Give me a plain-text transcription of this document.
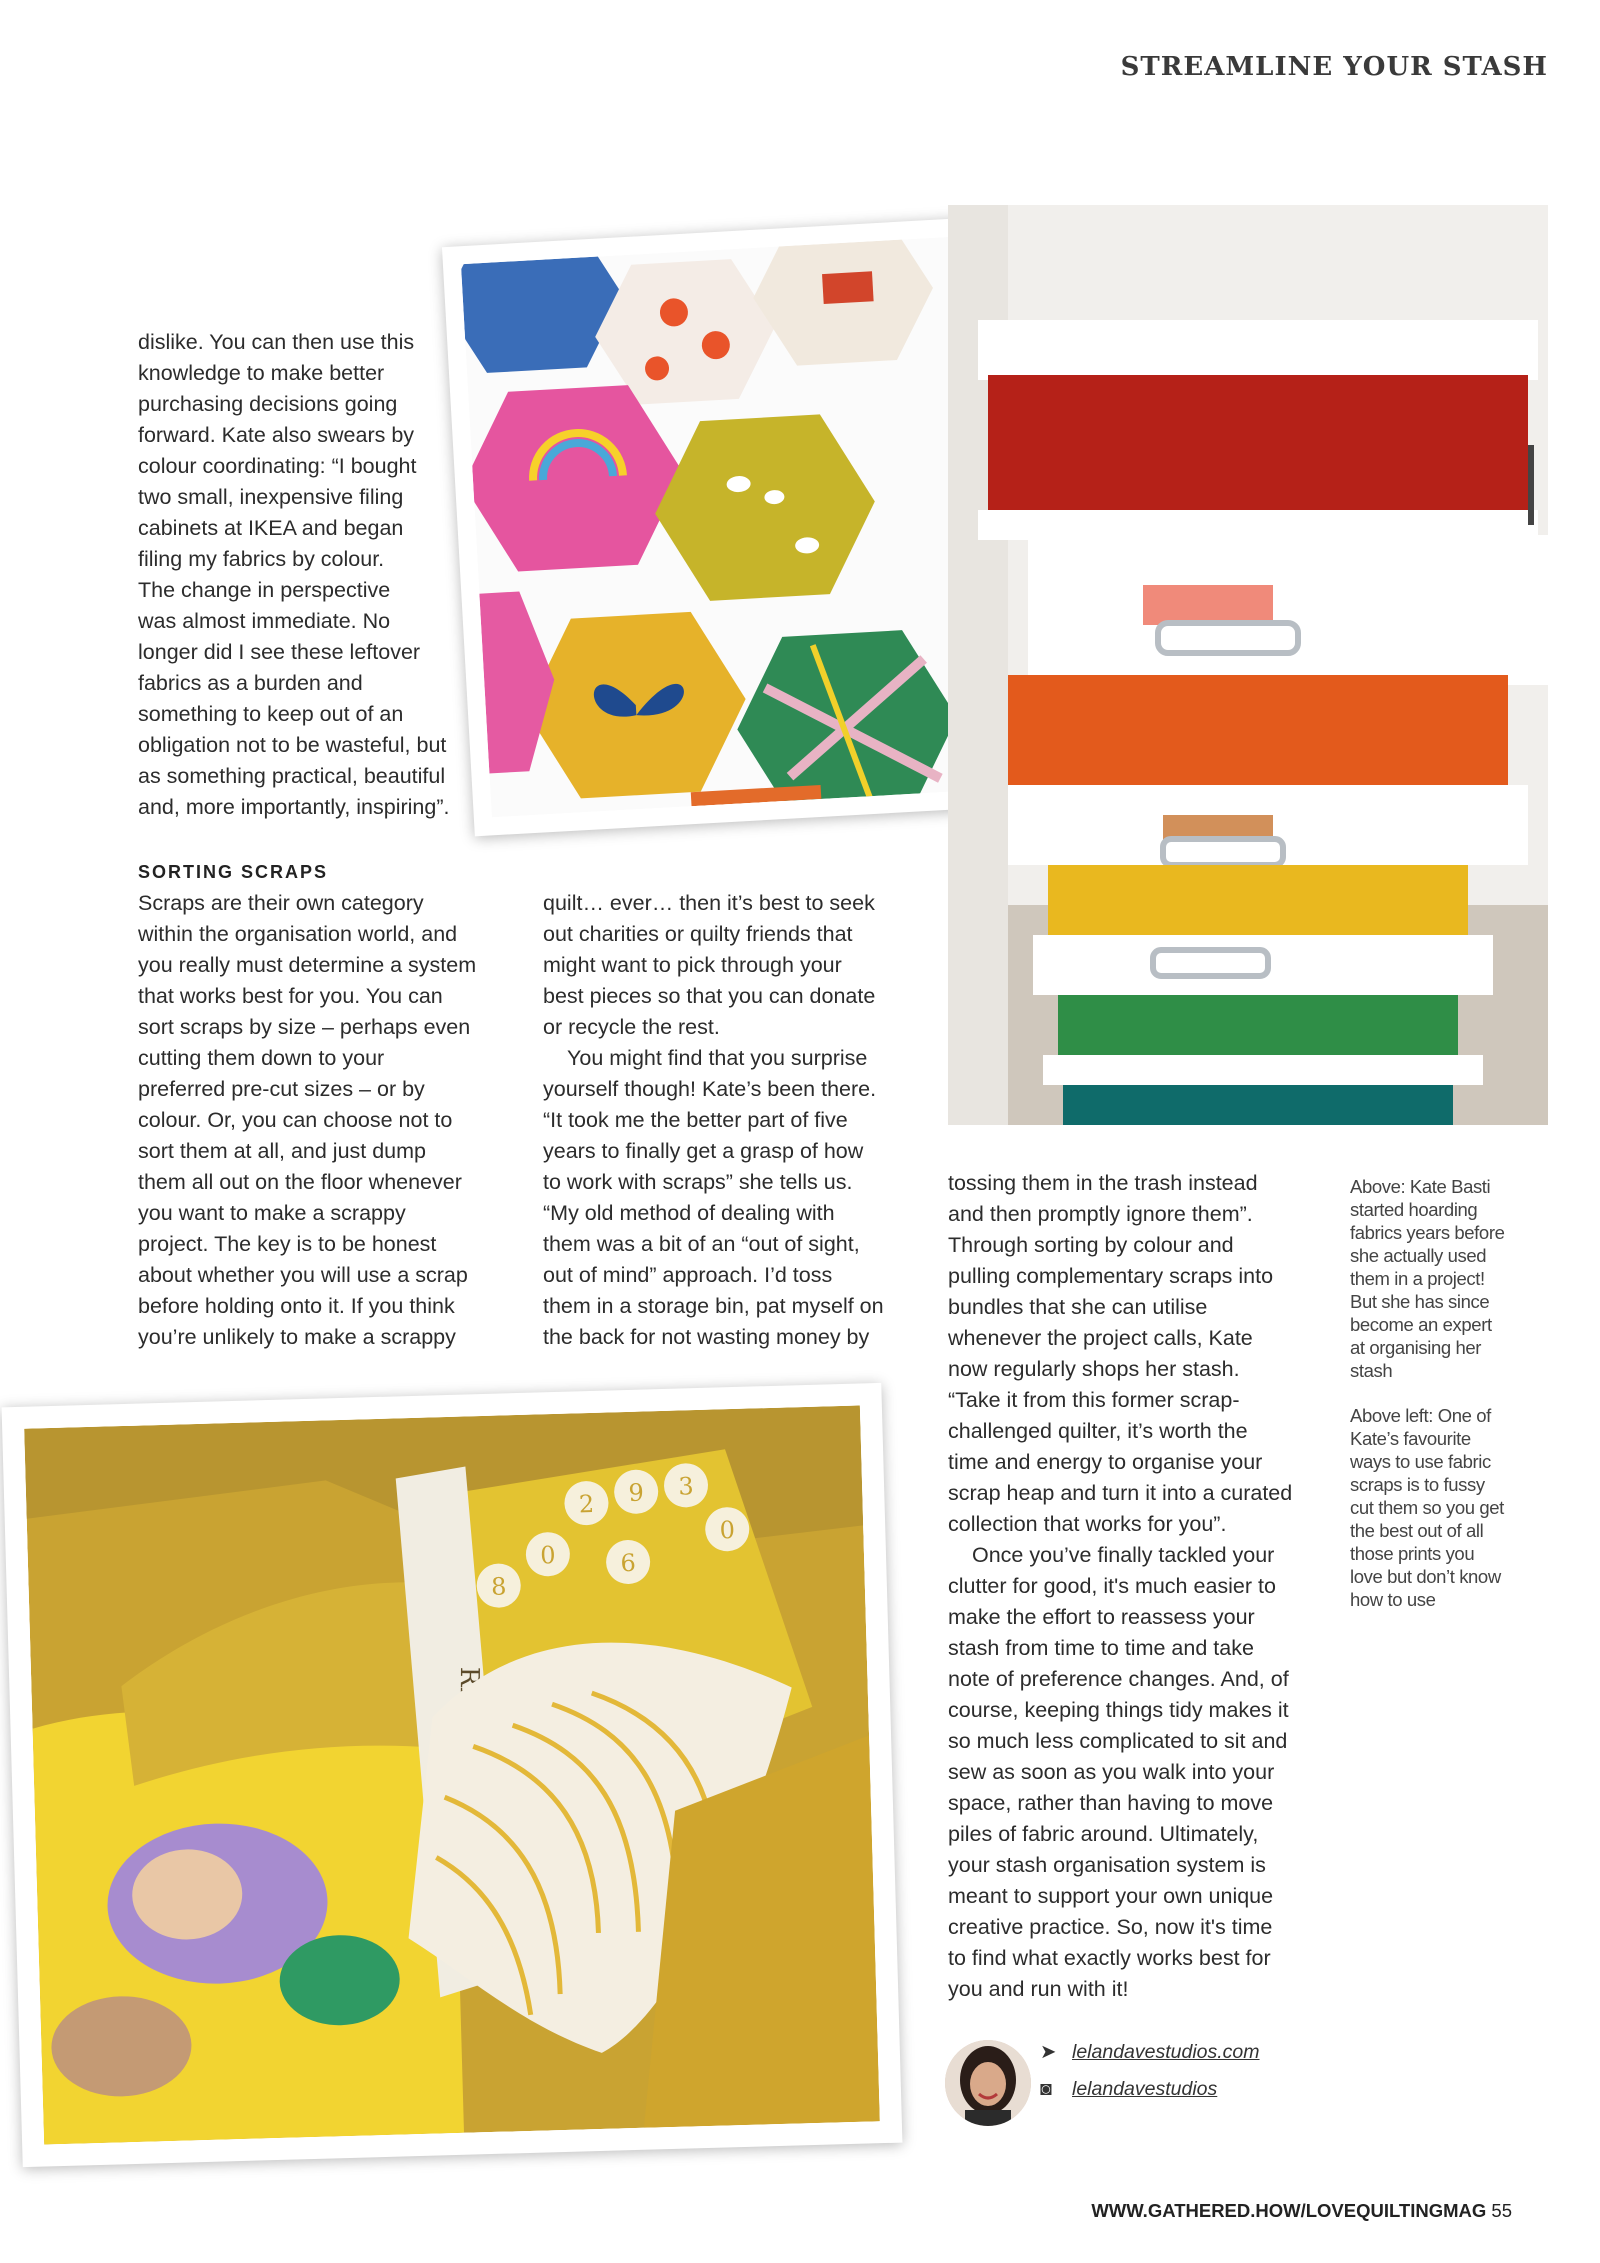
STREAMLINE YOUR STASH

dislike. You can then use this

knowledge to make better

purchasing decisions going

forward. Kate also swears by

colour coordinating: “I bought

two small, inexpensive filing

cabinets at IKEA and began

filing my fabrics by colour.

The change in perspective

was almost immediate. No

longer did I see these leftover

fabrics as a burden and

something to keep out of an

obligation not to be wasteful, but

as something practical, beautiful

and, more importantly, inspiring”.

SORTING SCRAPS

Scraps are their own category

within the organisation world, and

you really must determine a system

that works best for you. You can

sort scraps by size – perhaps even

cutting them down to your

preferred pre-cut sizes – or by

colour. Or, you can choose not to

sort them at all, and just dump

them all out on the floor whenever

you want to make a scrappy

project. The key is to be honest

about whether you will use a scrap

before holding onto it. If you think

you’re unlikely to make a scrappy

quilt… ever… then it’s best to seek

out charities or quilty friends that

might want to pick through your

best pieces so that you can donate

or recycle the rest.

You might find that you surprise

yourself though! Kate’s been there.

“It took me the better part of five

years to finally get a grasp of how

to work with scraps” she tells us.

“My old method of dealing with

them was a bit of an “out of sight,

out of mind” approach. I’d toss

them in a storage bin, pat myself on

the back for not wasting money by

tossing them in the trash instead

and then promptly ignore them”.

Through sorting by colour and

pulling complementary scraps into

bundles that she can utilise

whenever the project calls, Kate

now regularly shops her stash.

“Take it from this former scrap-

challenged quilter, it’s worth the

time and energy to organise your

scrap heap and turn it into a curated

collection that works for you”.

Once you’ve finally tackled your

clutter for good, it's much easier to

make the effort to reassess your

stash from time to time and take

note of preference changes. And, of

course, keeping things tidy makes it

so much less complicated to sit and

sew as soon as you walk into your

space, rather than having to move

piles of fabric around. Ultimately,

your stash organisation system is

meant to support your own unique

creative practice. So, now it's time

to find what exactly works best for

you and run with it!

Above: Kate Basti started hoarding fabrics years before she actually used them in a project! But she has since become an expert at organising her stash

Above left: One of Kate’s favourite ways to use fabric scraps is to fussy cut them so you get the best out of all those prints you love but don’t know how to use

2 9 3
0
0
8
6
➤ lelandavestudios.com
◙ lelandavestudios
WWW.GATHERED.HOW/LOVEQUILTINGMAG 55
